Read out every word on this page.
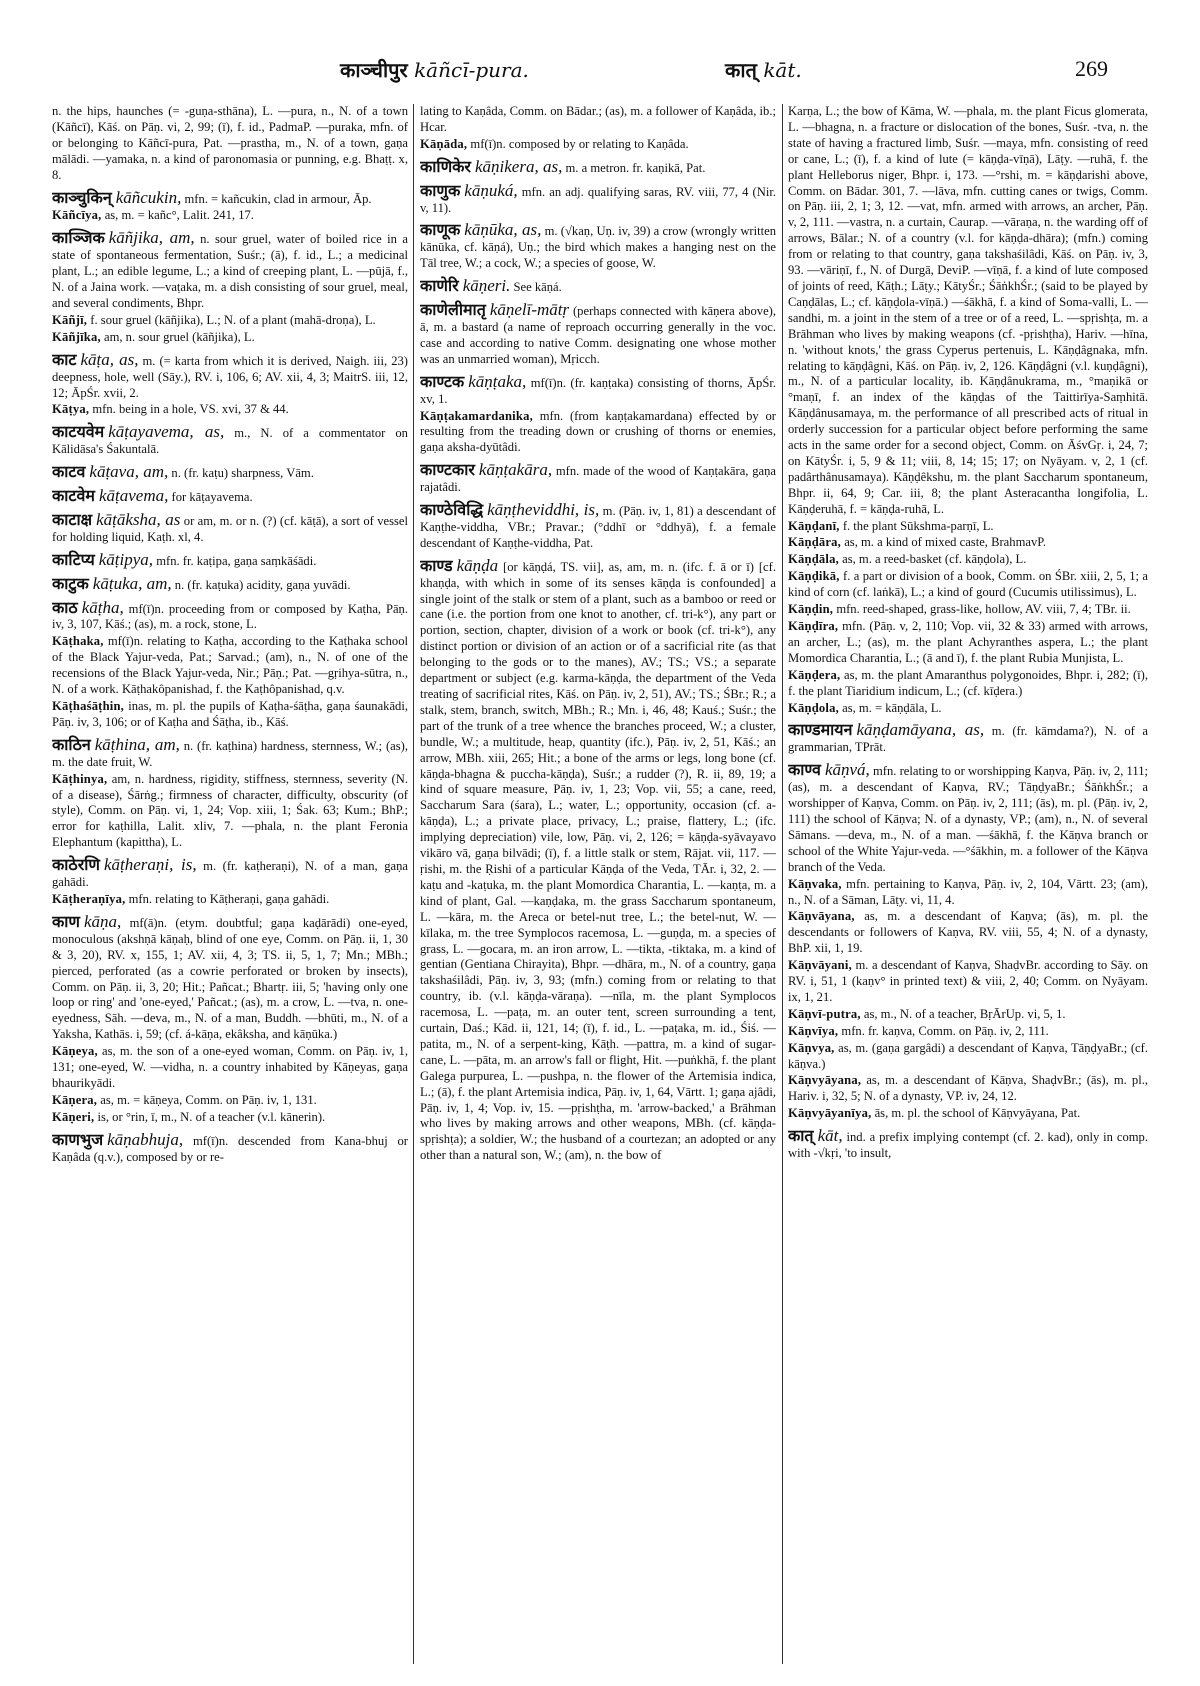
काञ्चीपुर kāñcī-pura.	कात् kāt.	269

n. the hips, haunches (= -guṇa-sthāna), L. —pura, n., N. of a town (Kāñcī), Kāś. on Pāṇ. vi, 2, 99; (ī), f. id., PadmaP. —puraka, mfn. of or belonging to Kāñcī-pura, Pat. —prastha, m., N. of a town, gaṇa mālādi. —yamaka, n. a kind of paronomasia or punning, e.g. Bhaṭṭ. x, 8.

काञ्चुकिन् kāñcukin, mfn. = kañcukin, clad in armour, Āp.

Kāñcīya, as, m. = kañc°, Lalit. 241, 17.

काञ्जिक kāñjika, am, n. sour gruel, water of boiled rice in a state of spontaneous fermentation, Suśr.; (ā), f. id., L.; a medicinal plant, L.; an edible legume, L.; a kind of creeping plant, L. —pūjā, f., N. of a Jaina work. —vaṭaka, m. a dish consisting of sour gruel, meal, and several condiments, Bhpr.

Kāñjī, f. sour gruel (kāñjika), L.; N. of a plant (mahā-droṇa), L.

Kāñjīka, am, n. sour gruel (kāñjika), L.

काट kāṭa, as, m. (= karta from which it is derived, Naigh. iii, 23) deepness, hole, well (Sāy.), RV. i, 106, 6; AV. xii, 4, 3; MaitrS. iii, 12, 12; ĀpŚr. xvii, 2.

Kāṭya, mfn. being in a hole, VS. xvi, 37 & 44.

काटयवेम kāṭayavema, as, m., N. of a commentator on Kālidāsa's Śakuntalā.

काटव kāṭava, am, n. (fr. kaṭu) sharpness, Vām.

काटवेम kāṭavema, for kāṭayavema.

काटाक्ष kāṭāksha, as or am, m. or n. (?) (cf. kāṭā), a sort of vessel for holding liquid, Kaṭh. xl, 4.

काटिप्य kāṭipya, mfn. fr. kaṭipa, gaṇa saṃkāśādi.

काटुक kāṭuka, am, n. (fr. kaṭuka) acidity, gaṇa yuvādi.

काठ kāṭha, mf(ī)n. proceeding from or composed by Kaṭha, Pāṇ. iv, 3, 107, Kāś.; (as), m. a rock, stone, L.

Kāṭhaka, mf(ī)n. relating to Kaṭha, according to the Kaṭhaka school of the Black Yajur-veda, Pat.; Sarvad.; (am), n., N. of one of the recensions of the Black Yajur-veda, Nir.; Pāṇ.; Pat. —gṛihya-sūtra, n., N. of a work. Kāṭhakôpanishad, f. the Kaṭhôpanishad, q.v.

Kāṭhaśāṭhin, inas, m. pl. the pupils of Kaṭha-śāṭha, gaṇa śaunakādi, Pāṇ. iv, 3, 106; or of Kaṭha and Śāṭha, ib., Kāś.

काठिन kāṭhina, am, n. (fr. kaṭhina) hardness, sternness, W.; (as), m. the date fruit, W.

Kāṭhinya, am, n. hardness, rigidity, stiffness, sternness, severity (N. of a disease), Śārṅg.; firmness of character, difficulty, obscurity (of style), Comm. on Pāṇ. vi, 1, 24; Vop. xiii, 1; Śak. 63; Kum.; BhP.; error for kaṭhilla, Lalit. xliv, 7. —phala, n. the plant Feronia Elephantum (kapittha), L.

काठेरणि kāṭheraṇi, is, m. (fr. kaṭheraṇi), N. of a man, gaṇa gahādi.

Kāṭheraṇīya, mfn. relating to Kāṭheraṇi, gaṇa gahādi.

काण kāṇa, mf(ā)n. (etym. doubtful; gaṇa kaḍārādi) one-eyed, monoculous (akshṇā kāṇaḥ, blind of one eye, Comm. on Pāṇ. ii, 1, 30 & 3, 20), RV. x, 155, 1; AV. xii, 4, 3; TS. ii, 5, 1, 7; Mn.; MBh.; pierced, perforated (as a cowrie perforated or broken by insects), Comm. on Pāṇ. ii, 3, 20; Hit.; Pañcat.; Bhartṛ. iii, 5; 'having only one loop or ring' and 'one-eyed,' Pañcat.; (as), m. a crow, L. —tva, n. one-eyedness, Sāh. —deva, m., N. of a man, Buddh. —bhūti, m., N. of a Yaksha, Kathās. i, 59; (cf. á-kāṇa, ekâksha, and kāṇūka.)

Kāṇeya, as, m. the son of a one-eyed woman, Comm. on Pāṇ. iv, 1, 131; one-eyed, W. —vidha, n. a country inhabited by Kāṇeyas, gaṇa bhaurikyādi.

Kāṇera, as, m. = kāṇeya, Comm. on Pāṇ. iv, 1, 131.

Kāṇeri, is, or °rin, ī, m., N. of a teacher (v.l. kānerin).

काणभुज kāṇabhuja, mf(ī)n. descended from Kana-bhuj or Kaṇâda (q.v.), composed by or re-

lating to Kaṇâda, Comm. on Bādar.; (as), m. a follower of Kaṇâda, ib.; Hcar.

Kāṇāda, mf(ī)n. composed by or relating to Kaṇâda.

काणिकेर kāṇikera, as, m. a metron. fr. kaṇikā, Pat.

काणुक kāṇuká, mfn. an adj. qualifying saras, RV. viii, 77, 4 (Nir. v, 11).

काणूक kāṇūka, as, m. (√kaṇ, Uṇ. iv, 39) a crow (wrongly written kānūka, cf. kāṇá), Uṇ.; the bird which makes a hanging nest on the Tāl tree, W.; a cock, W.; a species of goose, W.

काणेरि kāṇeri. See kāṇá.

काणेलीमातृ kāṇelī-mātṛ (perhaps connected with kāṇera above), ā, m. a bastard (a name of reproach occurring generally in the voc. case and according to native Comm. designating one whose mother was an unmarried woman), Mṛicch.

काण्टक kāṇṭaka, mf(ī)n. (fr. kaṇṭaka) consisting of thorns, ĀpŚr. xv, 1.

Kāṇṭakamardanika, mfn. (from kaṇṭakamardana) effected by or resulting from the treading down or crushing of thorns or enemies, gaṇa aksha-dyūtâdi.

काण्टकार kāṇṭakāra, mfn. made of the wood of Kaṇṭakāra, gaṇa rajatâdi.

काण्ठेविद्धि kāṇṭheviddhi, is, m. (Pāṇ. iv, 1, 81) a descendant of Kaṇṭhe-viddha, VBr.; Pravar.; (°ddhī or °ddhyā), f. a female descendant of Kaṇṭhe-viddha, Pat.

काण्ड kāṇḍa [or kāṇḍá, TS. vii], as, am, m. n. (ifc. f. ā or ī) [cf. khaṇḍa, with which in some of its senses kāṇḍa is confounded] a single joint of the stalk or stem of a plant, such as a bamboo or reed or cane (i.e. the portion from one knot to another, cf. tri-k°), any part or portion, section, chapter, division of a work or book (cf. tri-k°), any distinct portion or division of an action or of a sacrificial rite (as that belonging to the gods or to the manes), AV.; TS.; VS.; a separate department or subject (e.g. karma-kāṇḍa, the department of the Veda treating of sacrificial rites, Kāś. on Pāṇ. iv, 2, 51), AV.; TS.; ŚBr.; R.; a stalk, stem, branch, switch, MBh.; R.; Mn. i, 46, 48; Kauś.; Suśr.; the part of the trunk of a tree whence the branches proceed, W.; a cluster, bundle, W.; a multitude, heap, quantity (ifc.), Pāṇ. iv, 2, 51, Kāś.; an arrow, MBh. xiii, 265; Hit.; a bone of the arms or legs, long bone (cf. kāṇḍa-bhagna & puccha-kāṇḍa), Suśr.; a rudder (?), R. ii, 89, 19; a kind of square measure, Pāṇ. iv, 1, 23; Vop. vii, 55; a cane, reed, Saccharum Sara (śara), L.; water, L.; opportunity, occasion (cf. a-kāṇḍa), L.; a private place, privacy, L.; praise, flattery, L.; (ifc. implying depreciation) vile, low, Pāṇ. vi, 2, 126; = kāṇḍa-syāvayavo vikāro vā, gaṇa bilvādi; (ī), f. a little stalk or stem, Rājat. vii, 117. —ṛishi, m. the Ṛishi of a particular Kāṇḍa of the Veda, TĀr. i, 32, 2. —kaṭu and -kaṭuka, m. the plant Momordica Charantia, L. —kaṇṭa, m. a kind of plant, Gal. —kaṇḍaka, m. the grass Saccharum spontaneum, L. —kāra, m. the Areca or betel-nut tree, L.; the betel-nut, W. —kīlaka, m. the tree Symplocos racemosa, L. —guṇḍa, m. a species of grass, L. —gocara, m. an iron arrow, L. —tikta, -tiktaka, m. a kind of gentian (Gentiana Chirayita), Bhpr. —dhāra, m., N. of a country, gaṇa takshaśilâdi, Pāṇ. iv, 3, 93; (mfn.) coming from or relating to that country, ib. (v.l. kāṇḍa-vāraṇa). —nīla, m. the plant Symplocos racemosa, L. —paṭa, m. an outer tent, screen surrounding a tent, curtain, Daś.; Kād. ii, 121, 14; (ī), f. id., L. —paṭaka, m. id., Śiś. —patita, m., N. of a serpent-king, Kāṭh. —pattra, m. a kind of sugar-cane, L. —pāta, m. an arrow's fall or flight, Hit. —puṅkhā, f. the plant Galega purpurea, L. —pushpa, n. the flower of the Artemisia indica, L.; (ā), f. the plant Artemisia indica, Pāṇ. iv, 1, 64, Vārtt. 1; gaṇa ajâdi, Pāṇ. iv, 1, 4; Vop. iv, 15. —pṛishṭha, m. 'arrow-backed,' a Brāhman who lives by making arrows and other weapons, MBh. (cf. kāṇḍa-spṛishṭa); a soldier, W.; the husband of a courtezan; an adopted or any other than a natural son, W.; (am), n. the bow of

Karṇa, L.; the bow of Kāma, W. —phala, m. the plant Ficus glomerata, L. —bhagna, n. a fracture or dislocation of the bones, Suśr. -tva, n. the state of having a fractured limb, Suśr. —maya, mfn. consisting of reed or cane, L.; (ī), f. a kind of lute (= kāṇḍa-vīṇā), Lāṭy. —ruhā, f. the plant Helleborus niger, Bhpr. i, 173. —°rshi, m. = kāṇḍarishi above, Comm. on Bādar. 301, 7. —lāva, mfn. cutting canes or twigs, Comm. on Pāṇ. iii, 2, 1; 3, 12. —vat, mfn. armed with arrows, an archer, Pāṇ. v, 2, 111. —vastra, n. a curtain, Caurap. —vāraṇa, n. the warding off of arrows, Bālar.; N. of a country (v.l. for kāṇḍa-dhāra); (mfn.) coming from or relating to that country, gaṇa takshaśilâdi, Kāś. on Pāṇ. iv, 3, 93. —vāriṇī, f., N. of Durgā, DeviP. —vīṇā, f. a kind of lute composed of joints of reed, Kāṭh.; Lāṭy.; KātyŚr.; ŚāṅkhŚr.; (said to be played by Caṇḍālas, L.; cf. kāṇḍola-vīṇā.) —śākhā, f. a kind of Soma-valli, L. —sandhi, m. a joint in the stem of a tree or of a reed, L. —spṛishṭa, m. a Brāhman who lives by making weapons (cf. -pṛishṭha), Hariv. —hīna, n. 'without knots,' the grass Cyperus pertenuis, L. Kāṇḍâgnaka, mfn. relating to kāṇḍâgni, Kāś. on Pāṇ. iv, 2, 126. Kāṇḍâgni (v.l. kuṇḍâgni), m., N. of a particular locality, ib. Kāṇḍânukrama, m., °maṇikā or °maṇī, f. an index of the kāṇḍas of the Taittirīya-Saṃhitā. Kāṇḍânusamaya, m. the performance of all prescribed acts of ritual in orderly succession for a particular object before performing the same acts in the same order for a second object, Comm. on ĀśvGṛ. i, 24, 7; on KātyŚr. i, 5, 9 & 11; viii, 8, 14; 15; 17; on Nyāyam. v, 2, 1 (cf. padârthânusamaya). Kāṇḍêkshu, m. the plant Saccharum spontaneum, Bhpr. ii, 64, 9; Car. iii, 8; the plant Asteracantha longifolia, L. Kāṇḍeruhā, f. = kāṇḍa-ruhā, L.

Kāṇḍanī, f. the plant Sūkshma-parṇī, L.

Kāṇḍāra, as, m. a kind of mixed caste, BrahmavP.

Kāṇḍāla, as, m. a reed-basket (cf. kāṇḍola), L.

Kāṇḍikā, f. a part or division of a book, Comm. on ŚBr. xiii, 2, 5, 1; a kind of corn (cf. laṅkā), L.; a kind of gourd (Cucumis utilissimus), L.

Kāṇḍin, mfn. reed-shaped, grass-like, hollow, AV. viii, 7, 4; TBr. ii.

Kāṇḍīra, mfn. (Pāṇ. v, 2, 110; Vop. vii, 32 & 33) armed with arrows, an archer, L.; (as), m. the plant Achyranthes aspera, L.; the plant Momordica Charantia, L.; (ā and ī), f. the plant Rubia Munjista, L.

Kāṇḍera, as, m. the plant Amaranthus polygonoides, Bhpr. i, 282; (ī), f. the plant Tiaridium indicum, L.; (cf. kīḍera.)

Kāṇḍola, as, m. = kāṇḍāla, L.

काण्डमायन kāṇḍamāyana, as, m. (fr. kāmdama?), N. of a grammarian, TPrāt.

काण्व kāṇvá, mfn. relating to or worshipping Kaṇva, Pāṇ. iv, 2, 111; (as), m. a descendant of Kaṇva, RV.; TāṇḍyaBr.; ŚāṅkhŚr.; a worshipper of Kaṇva, Comm. on Pāṇ. iv, 2, 111; (ās), m. pl. (Pāṇ. iv, 2, 111) the school of Kāṇva; N. of a dynasty, VP.; (am), n., N. of several Sāmans. —deva, m., N. of a man. —śākhā, f. the Kāṇva branch or school of the White Yajur-veda. —°śākhin, m. a follower of the Kāṇva branch of the Veda.

Kāṇvaka, mfn. pertaining to Kaṇva, Pāṇ. iv, 2, 104, Vārtt. 23; (am), n., N. of a Sāman, Lāṭy. vi, 11, 4.

Kāṇvāyana, as, m. a descendant of Kaṇva; (ās), m. pl. the descendants or followers of Kaṇva, RV. viii, 55, 4; N. of a dynasty, BhP. xii, 1, 19.

Kāṇvāyani, m. a descendant of Kaṇva, ShaḍvBr. according to Sāy. on RV. i, 51, 1 (kaṇv° in printed text) & viii, 2, 40; Comm. on Nyāyam. ix, 1, 21.

Kāṇvī-putra, as, m., N. of a teacher, BṛĀrUp. vi, 5, 1.

Kāṇvīya, mfn. fr. kaṇva, Comm. on Pāṇ. iv, 2, 111.

Kāṇvya, as, m. (gaṇa gargâdi) a descendant of Kaṇva, TāṇḍyaBr.; (cf. kāṇva.)

Kāṇvyāyana, as, m. a descendant of Kāṇva, ShaḍvBr.; (ās), m. pl., Hariv. i, 32, 5; N. of a dynasty, VP. iv, 24, 12.

Kāṇvyāyanīya, ās, m. pl. the school of Kāṇvyāyana, Pat.

कात् kāt, ind. a prefix implying contempt (cf. 2. kad), only in comp. with -√kṛi, 'to insult,
